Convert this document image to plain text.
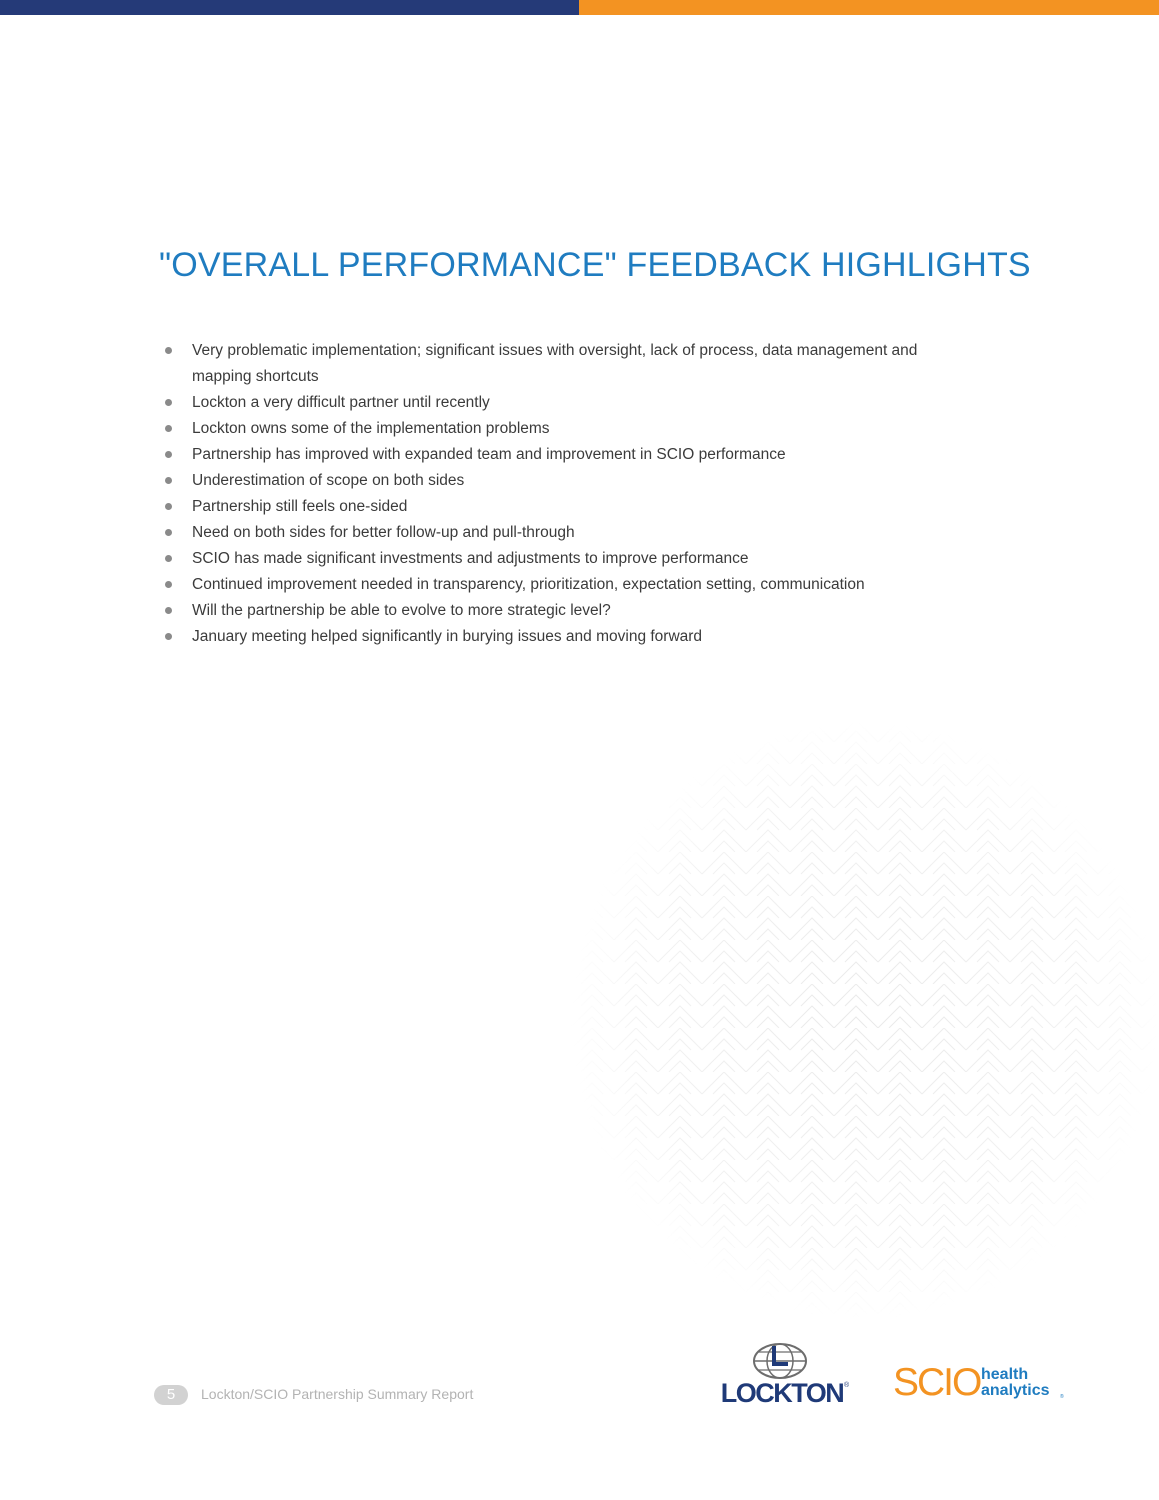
"OVERALL PERFORMANCE" FEEDBACK HIGHLIGHTS
Very problematic implementation; significant issues with oversight, lack of process, data management and mapping shortcuts
Lockton a very difficult partner until recently
Lockton owns some of the implementation problems
Partnership has improved with expanded team and improvement in SCIO performance
Underestimation of scope on both sides
Partnership still feels one-sided
Need on both sides for better follow-up and pull-through
SCIO has made significant investments and adjustments to improve performance
Continued improvement needed in transparency, prioritization, expectation setting, communication
Will the partnership be able to evolve to more strategic level?
January meeting helped significantly in burying issues and moving forward
5	Lockton/SCIO Partnership Summary Report	LOCKTON ® SCIO health
analytics ®
